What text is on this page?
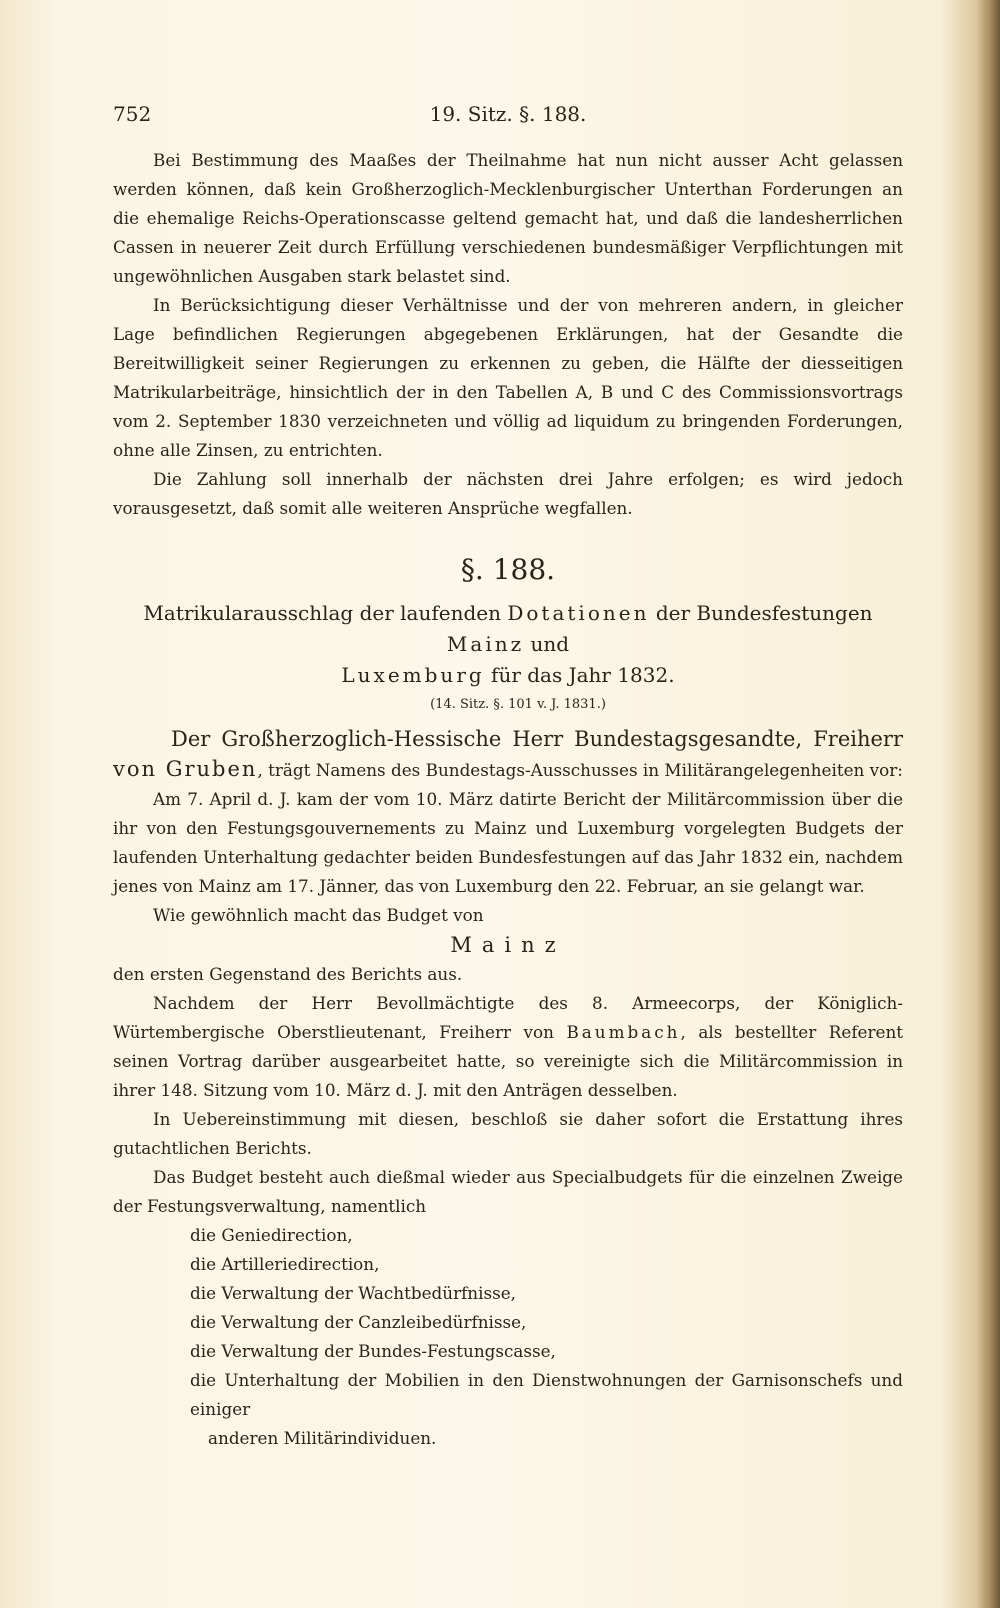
752	19. Sitz. §. 188.

Bei Bestimmung des Maaßes der Theilnahme hat nun nicht ausser Acht gelassen werden können, daß kein Großherzoglich-Mecklenburgischer Unterthan Forderungen an die ehemalige Reichs-Operationscasse geltend gemacht hat, und daß die landesherrlichen Cassen in neuerer Zeit durch Erfüllung verschiedenen bundesmäßiger Verpflichtungen mit ungewöhnlichen Ausgaben stark belastet sind.

In Berücksichtigung dieser Verhältnisse und der von mehreren andern, in gleicher Lage befindlichen Regierungen abgegebenen Erklärungen, hat der Gesandte die Bereitwilligkeit seiner Regierungen zu erkennen zu geben, die Hälfte der diesseitigen Matrikularbeiträge, hinsichtlich der in den Tabellen A, B und C des Commissionsvortrags vom 2. September 1830 verzeichneten und völlig ad liquidum zu bringenden Forderungen, ohne alle Zinsen, zu entrichten.

Die Zahlung soll innerhalb der nächsten drei Jahre erfolgen; es wird jedoch vorausgesetzt, daß somit alle weiteren Ansprüche wegfallen.

§. 188.

Matrikularausschlag der laufenden Dotationen der Bundesfestungen Mainz und
Luxemburg für das Jahr 1832.

(14. Sitz. §. 101 v. J. 1831.)

Der Großherzoglich-Hessische Herr Bundestagsgesandte, Freiherr von Gruben, trägt Namens des Bundestags-Ausschusses in Militärangelegenheiten vor:

Am 7. April d. J. kam der vom 10. März datirte Bericht der Militärcommission über die ihr von den Festungsgouvernements zu Mainz und Luxemburg vorgelegten Budgets der laufenden Unterhaltung gedachter beiden Bundesfestungen auf das Jahr 1832 ein, nachdem jenes von Mainz am 17. Jänner, das von Luxemburg den 22. Februar, an sie gelangt war.

Wie gewöhnlich macht das Budget von

Mainz

den ersten Gegenstand des Berichts aus.

Nachdem der Herr Bevollmächtigte des 8. Armeecorps, der Königlich-Würtembergische Oberstlieutenant, Freiherr von Baumbach, als bestellter Referent seinen Vortrag darüber ausgearbeitet hatte, so vereinigte sich die Militärcommission in ihrer 148. Sitzung vom 10. März d. J. mit den Anträgen desselben.

In Uebereinstimmung mit diesen, beschloß sie daher sofort die Erstattung ihres gutachtlichen Berichts.

Das Budget besteht auch dießmal wieder aus Specialbudgets für die einzelnen Zweige der Festungsverwaltung, namentlich

die Geniedirection,
die Artilleriedirection,
die Verwaltung der Wachtbedürfnisse,
die Verwaltung der Canzleibedürfnisse,
die Verwaltung der Bundes-Festungscasse,
die Unterhaltung der Mobilien in den Dienstwohnungen der Garnisonschefs und einiger
anderen Militärindividuen.
